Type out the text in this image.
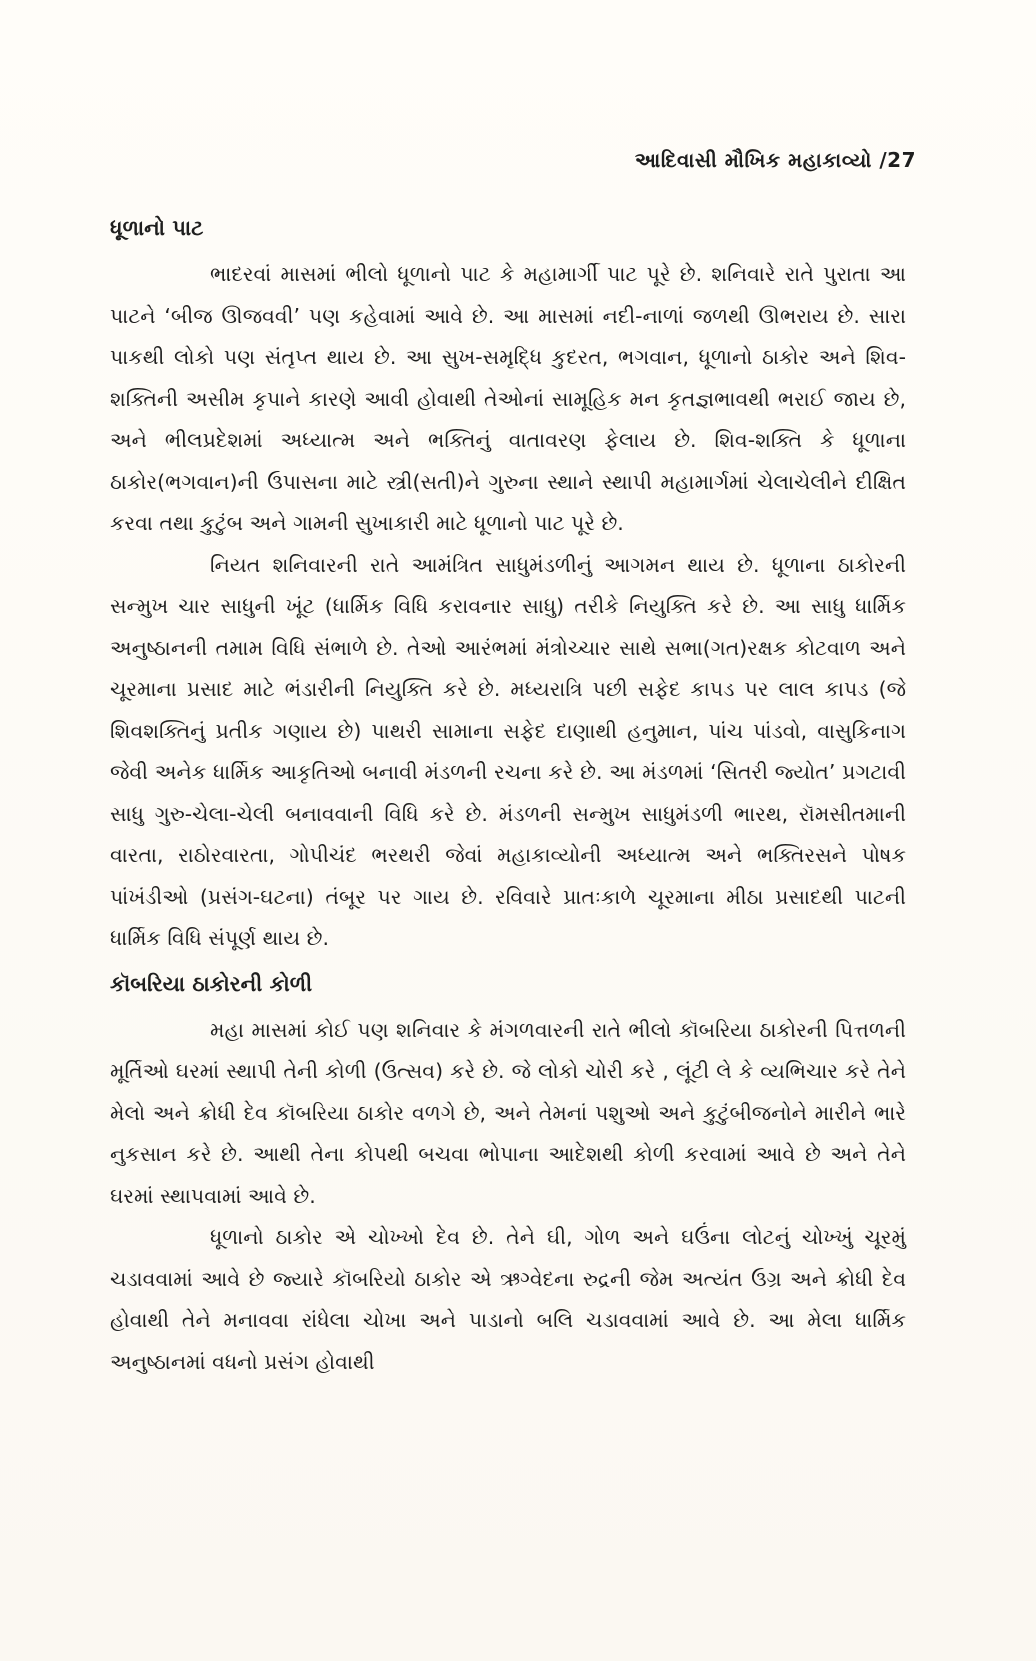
આદિવાસી મૌખિક મહાકાવ્યો /27
ધૂળાનો પાટ

ભાદરવાં માસમાં ભીલો ધૂળાનો પાટ કે મહામાર્ગી પાટ પૂરે છે. શનિવારે રાતે પુરાતા આ પાટને ‘બીજ ઊજવવી’ પણ કહેવામાં આવે છે. આ માસમાં નદી-નાળાં જળથી ઊભરાય છે. સારા પાકથી લોકો પણ સંતૃપ્ત થાય છે. આ સુખ-સમૃદ્ધિ કુદરત, ભગવાન, ધૂળાનો ઠાકોર અને શિવ-શક્તિની અસીમ કૃપાને કારણે આવી હોવાથી તેઓનાં સામૂહિક મન કૃતજ્ઞભાવથી ભરાઈ જાય છે, અને ભીલપ્રદેશમાં અધ્યાત્મ અને ભક્તિનું વાતાવરણ ફેલાય છે. શિવ-શક્તિ કે ધૂળાના ઠાકોર(ભગવાન)ની ઉપાસના માટે સ્ત્રી(સતી)ને ગુરુના સ્થાને સ્થાપી મહામાર્ગમાં ચેલાચેલીને દીક્ષિત કરવા તથા કુટુંબ અને ગામની સુખાકારી માટે ધૂળાનો પાટ પૂરે છે.

નિયત શનિવારની રાતે આમંત્રિત સાધુમંડળીનું આગમન થાય છે. ધૂળાના ઠાકોરની સન્મુખ ચાર સાધુની ખૂંટ (ધાર્મિક વિધિ કરાવનાર સાધુ) તરીકે નિયુક્તિ કરે છે. આ સાધુ ધાર્મિક અનુષ્ઠાનની તમામ વિધિ સંભાળે છે. તેઓ આરંભમાં મંત્રોચ્ચાર સાથે સભા(ગત)રક્ષક કોટવાળ અને ચૂરમાના પ્રસાદ માટે ભંડારીની નિયુક્તિ કરે છે. મધ્યરાત્રિ પછી સફેદ કાપડ પર લાલ કાપડ (જે શિવશક્તિનું પ્રતીક ગણાય છે) પાથરી સામાના સફેદ દાણાથી હનુમાન, પાંચ પાંડવો, વાસુકિનાગ જેવી અનેક ધાર્મિક આકૃતિઓ બનાવી મંડળની રચના કરે છે. આ મંડળમાં ‘સિતરી જ્યોત’ પ્રગટાવી સાધુ ગુરુ-ચેલા-ચેલી બનાવવાની વિધિ કરે છે. મંડળની સન્મુખ સાધુમંડળી ભારથ, રૉમસીતમાની વારતા, રાઠોરવારતા, ગોપીચંદ ભરથરી જેવાં મહાકાવ્યોની અધ્યાત્મ અને ભક્તિરસને પોષક પાંખંડીઓ (પ્રસંગ-ઘટના) તંબૂર પર ગાય છે. રવિવારે પ્રાતઃકાળે ચૂરમાના મીઠા પ્રસાદથી પાટની ધાર્મિક વિધિ સંપૂર્ણ થાય છે.

કૉબરિયા ઠાકોરની કોળી

મહા માસમાં કોઈ પણ શનિવાર કે મંગળવારની રાતે ભીલો કૉબરિયા ઠાકોરની પિત્તળની મૂર્તિઓ ઘરમાં સ્થાપી તેની કોળી (ઉત્સવ) કરે છે. જે લોકો ચોરી કરે , લૂંટી લે કે વ્યભિચાર કરે તેને મેલો અને ક્રોધી દેવ કૉબરિયા ઠાકોર વળગે છે, અને તેમનાં પશુઓ અને કુટુંબીજનોને મારીને ભારે નુકસાન કરે છે. આથી તેના કોપથી બચવા ભોપાના આદેશથી કોળી કરવામાં આવે છે અને તેને ઘરમાં સ્થાપવામાં આવે છે.

ધૂળાનો ઠાકોર એ ચોખ્ખો દેવ છે. તેને ઘી, ગોળ અને ઘઉંના લોટનું ચોખ્ખું ચૂરમું ચડાવવામાં આવે છે જ્યારે કૉબરિયો ઠાકોર એ ઋગ્વેદના રુદ્રની જેમ અત્યંત ઉગ્ર અને ક્રોધી દેવ હોવાથી તેને મનાવવા રાંધેલા ચોખા અને પાડાનો બલિ ચડાવવામાં આવે છે. આ મેલા ધાર્મિક અનુષ્ઠાનમાં વધનો પ્રસંગ હોવાથી
